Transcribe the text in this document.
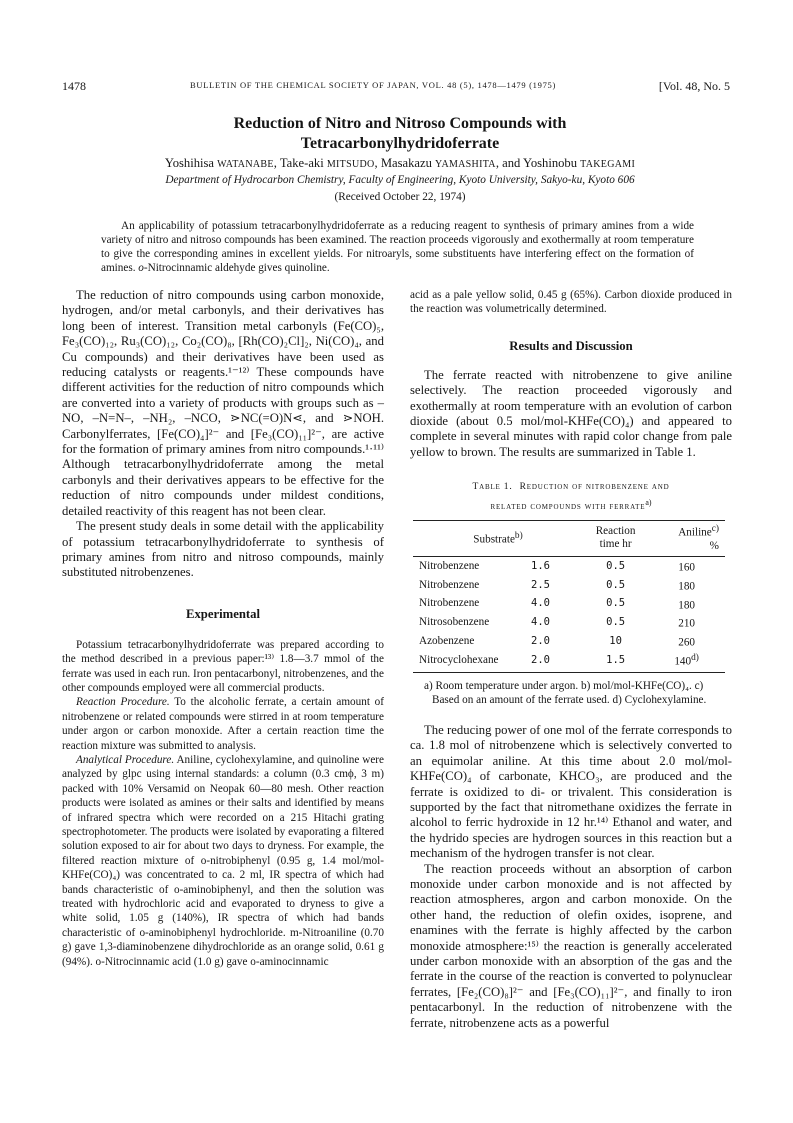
1478	BULLETIN OF THE CHEMICAL SOCIETY OF JAPAN, VOL. 48 (5), 1478—1479 (1975)	[Vol. 48, No. 5
Reduction of Nitro and Nitroso Compounds with
Tetracarbonylhydridoferrate
Yoshihisa WATANABE, Take-aki MITSUDO, Masakazu YAMASHITA, and Yoshinobu TAKEGAMI
Department of Hydrocarbon Chemistry, Faculty of Engineering, Kyoto University, Sakyo-ku, Kyoto 606
(Received October 22, 1974)

An applicability of potassium tetracarbonylhydridoferrate as a reducing reagent to synthesis of primary amines from a wide variety of nitro and nitroso compounds has been examined. The reaction proceeds vigorously and exothermally at room temperature to give the corresponding amines in excellent yields. For nitroaryls, some substituents have interfering effect on the formation of amines. o-Nitrocinnamic aldehyde gives quinoline.

The reduction of nitro compounds using carbon monoxide, hydrogen, and/or metal carbonyls, and their derivatives has long been of interest. Transition metal carbonyls (Fe(CO)₅, Fe₃(CO)₁₂, Ru₃(CO)₁₂, Co₂(CO)₈, [Rh(CO)₂Cl]₂, Ni(CO)₄, and Cu compounds) and their derivatives have been used as reducing catalysts or reagents.¹⁻¹²⁾ These compounds have different activities for the reduction of nitro compounds which are converted into a variety of products with groups such as –NO, –N=N–, –NH₂, –NCO, ⋗NC(=O)N⋖, and ⋗NOH. Carbonylferrates, [Fe(CO)₄]²⁻ and [Fe₃(CO)₁₁]²⁻, are active for the formation of primary amines from nitro compounds.¹·¹¹⁾ Although tetracarbonylhydridoferrate among the metal carbonyls and their derivatives appears to be effective for the reduction of nitro compounds under mildest conditions, detailed reactivity of this reagent has not been clear.

The present study deals in some detail with the applicability of potassium tetracarbonylhydridoferrate to synthesis of primary amines from nitro and nitroso compounds, mainly substituted nitrobenzenes.

Experimental

Potassium tetracarbonylhydridoferrate was prepared according to the method described in a previous paper:¹³⁾ 1.8—3.7 mmol of the ferrate was used in each run. Iron pentacarbonyl, nitrobenzenes, and the other compounds employed were all commercial products.

Reaction Procedure. To the alcoholic ferrate, a certain amount of nitrobenzene or related compounds were stirred in at room temperature under argon or carbon monoxide. After a certain reaction time the reaction mixture was submitted to analysis.

Analytical Procedure. Aniline, cyclohexylamine, and quinoline were analyzed by glpc using internal standards: a column (0.3 cmϕ, 3 m) packed with 10% Versamid on Neopak 60—80 mesh. Other reaction products were isolated as amines or their salts and identified by means of infrared spectra which were recorded on a 215 Hitachi grating spectrophotometer. The products were isolated by evaporating a filtered solution exposed to air for about two days to dryness. For example, the filtered reaction mixture of o-nitrobiphenyl (0.95 g, 1.4 mol/mol-KHFe(CO)₄) was concentrated to ca. 2 ml, IR spectra of which had bands characteristic of o-aminobiphenyl, and then the solution was treated with hydrochloric acid and evaporated to dryness to give a white solid, 1.05 g (140%), IR spectra of which had bands characteristic of o-aminobiphenyl hydrochloride. m-Nitroaniline (0.70 g) gave 1,3-diaminobenzene dihydrochloride as an orange solid, 0.61 g (94%). o-Nitrocinnamic acid (1.0 g) gave o-aminocinnamic

acid as a pale yellow solid, 0.45 g (65%). Carbon dioxide produced in the reaction was volumetrically determined.

Results and Discussion

The ferrate reacted with nitrobenzene to give aniline selectively. The reaction proceeded vigorously and exothermally at room temperature with an evolution of carbon dioxide (about 0.5 mol/mol-KHFe(CO)₄) and appeared to complete in several minutes with rapid color change from pale yellow to brown. The results are summarized in Table 1.

Table 1. Reduction of nitrobenzene and
related compounds with ferrate$^{a)}$

Substrate$^{b)}$		Reaction
time hr	Aniline$^{c)}$
%
Nitrobenzene	1.6	0.5	160
Nitrobenzene	2.5	0.5	180
Nitrobenzene	4.0	0.5	180
Nitrosobenzene	4.0	0.5	210
Azobenzene	2.0	10	260
Nitrocyclohexane	2.0	1.5	140$^{d)}$

a) Room temperature under argon. b) mol/mol-KHFe(CO)₄. c) Based on an amount of the ferrate used. d) Cyclohexylamine.

The reducing power of one mol of the ferrate corresponds to ca. 1.8 mol of nitrobenzene which is selectively converted to an equimolar aniline. At this time about 2.0 mol/mol-KHFe(CO)₄ of carbonate, KHCO₃, are produced and the ferrate is oxidized to di- or trivalent. This consideration is supported by the fact that nitromethane oxidizes the ferrate in alcohol to ferric hydroxide in 12 hr.¹⁴⁾ Ethanol and water, and the hydrido species are hydrogen sources in this reaction but a mechanism of the hydrogen transfer is not clear.

The reaction proceeds without an absorption of carbon monoxide under carbon monoxide and is not affected by reaction atmospheres, argon and carbon monoxide. On the other hand, the reduction of olefin oxides, isoprene, and enamines with the ferrate is highly affected by the carbon monoxide atmosphere:¹⁵⁾ the reaction is generally accelerated under carbon monoxide with an absorption of the gas and the ferrate in the course of the reaction is converted to polynuclear ferrates, [Fe₂(CO)₈]²⁻ and [Fe₃(CO)₁₁]²⁻, and finally to iron pentacarbonyl. In the reduction of nitrobenzene with the ferrate, nitrobenzene acts as a powerful
